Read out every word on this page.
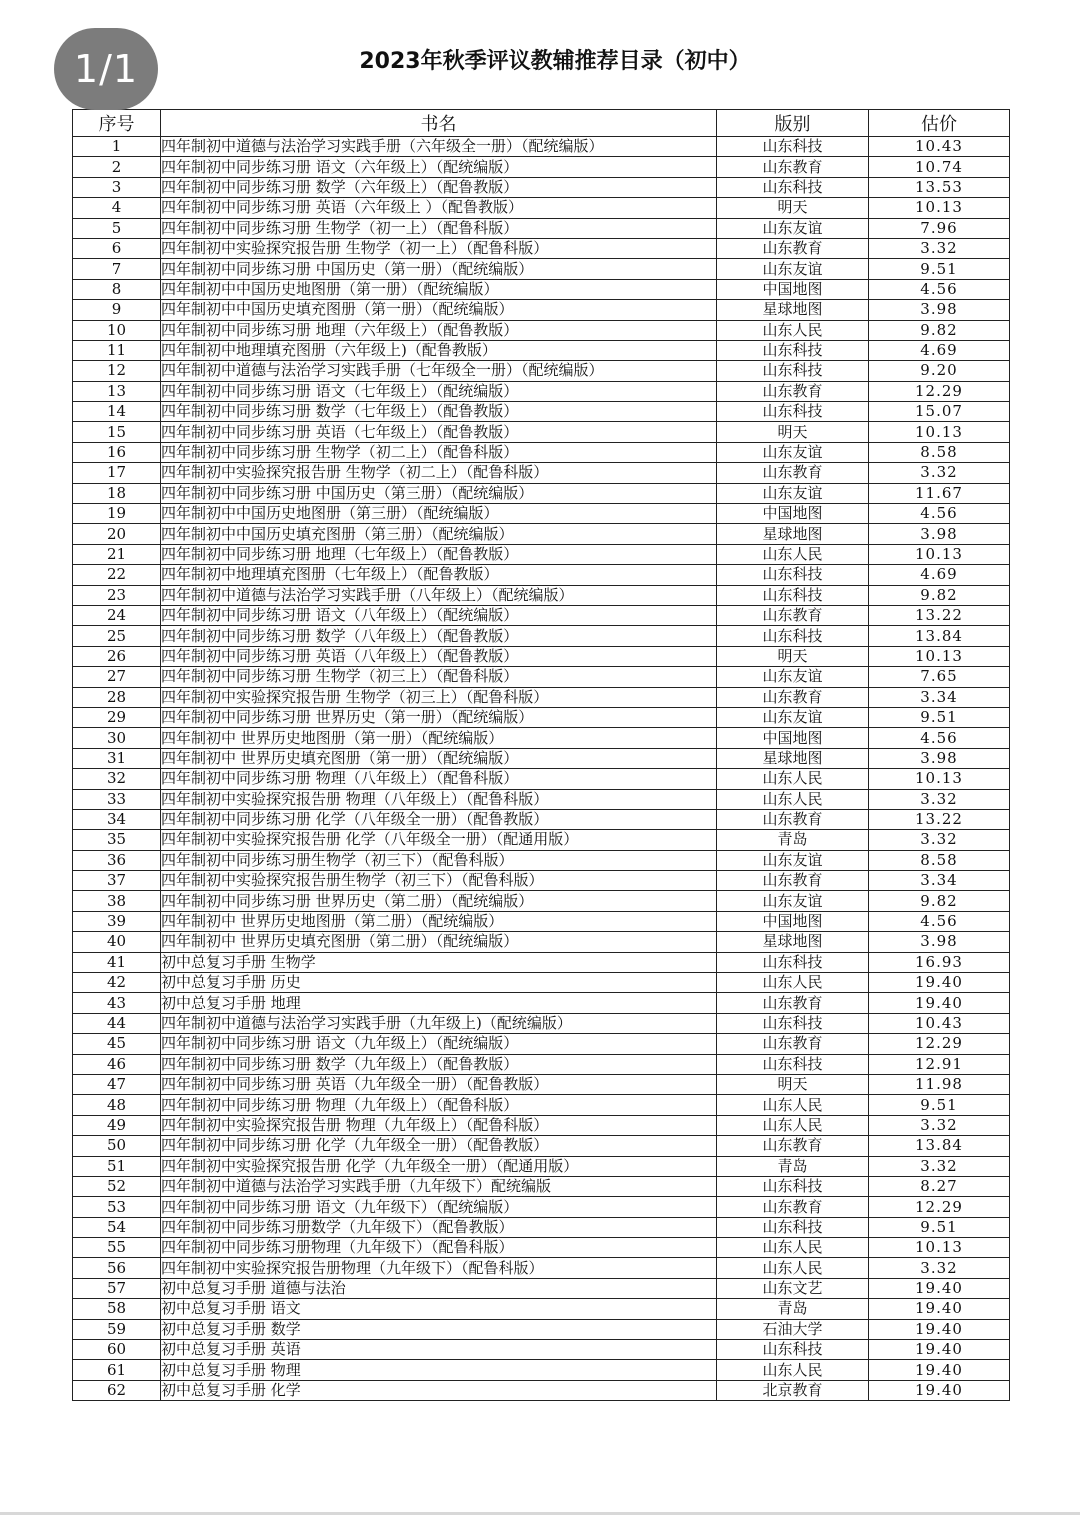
1/1	2023年秋季评议教辅推荐目录（初中）
序号	书名	版别	估价
1	四年制初中道德与法治学习实践手册（六年级全一册）（配统编版）	山东科技	10.43
2	四年制初中同步练习册 语文（六年级上）（配统编版）	山东教育	10.74
3	四年制初中同步练习册 数学（六年级上）（配鲁教版）	山东科技	13.53
4	四年制初中同步练习册 英语（六年级上 ）（配鲁教版）	明天	10.13
5	四年制初中同步练习册 生物学（初一上）（配鲁科版）	山东友谊	7.96
6	四年制初中实验探究报告册 生物学（初一上）（配鲁科版）	山东教育	3.32
7	四年制初中同步练习册 中国历史（第一册）（配统编版）	山东友谊	9.51
8	四年制初中中国历史地图册（第一册）（配统编版）	中国地图	4.56
9	四年制初中中国历史填充图册（第一册）（配统编版）	星球地图	3.98
10	四年制初中同步练习册 地理（六年级上）（配鲁教版）	山东人民	9.82
11	四年制初中地理填充图册（六年级上)（配鲁教版）	山东科技	4.69
12	四年制初中道德与法治学习实践手册（七年级全一册）（配统编版）	山东科技	9.20
13	四年制初中同步练习册 语文（七年级上）（配统编版）	山东教育	12.29
14	四年制初中同步练习册 数学（七年级上）（配鲁教版）	山东科技	15.07
15	四年制初中同步练习册 英语（七年级上）（配鲁教版）	明天	10.13
16	四年制初中同步练习册 生物学（初二上）（配鲁科版）	山东友谊	8.58
17	四年制初中实验探究报告册 生物学（初二上）（配鲁科版）	山东教育	3.32
18	四年制初中同步练习册 中国历史（第三册）（配统编版）	山东友谊	11.67
19	四年制初中中国历史地图册（第三册）（配统编版）	中国地图	4.56
20	四年制初中中国历史填充图册（第三册）（配统编版）	星球地图	3.98
21	四年制初中同步练习册 地理（七年级上）（配鲁教版）	山东人民	10.13
22	四年制初中地理填充图册（七年级上）（配鲁教版）	山东科技	4.69
23	四年制初中道德与法治学习实践手册（八年级上）（配统编版）	山东科技	9.82
24	四年制初中同步练习册 语文（八年级上）（配统编版）	山东教育	13.22
25	四年制初中同步练习册 数学（八年级上）（配鲁教版）	山东科技	13.84
26	四年制初中同步练习册 英语（八年级上）（配鲁教版）	明天	10.13
27	四年制初中同步练习册 生物学（初三上）（配鲁科版）	山东友谊	7.65
28	四年制初中实验探究报告册 生物学（初三上）（配鲁科版）	山东教育	3.34
29	四年制初中同步练习册 世界历史（第一册）（配统编版）	山东友谊	9.51
30	四年制初中 世界历史地图册（第一册）（配统编版）	中国地图	4.56
31	四年制初中 世界历史填充图册（第一册）（配统编版）	星球地图	3.98
32	四年制初中同步练习册 物理（八年级上）（配鲁科版）	山东人民	10.13
33	四年制初中实验探究报告册 物理（八年级上）（配鲁科版）	山东人民	3.32
34	四年制初中同步练习册 化学（八年级全一册）（配鲁教版）	山东教育	13.22
35	四年制初中实验探究报告册 化学（八年级全一册）（配通用版）	青岛	3.32
36	四年制初中同步练习册生物学（初三下）（配鲁科版）	山东友谊	8.58
37	四年制初中实验探究报告册生物学（初三下）（配鲁科版）	山东教育	3.34
38	四年制初中同步练习册 世界历史（第二册）（配统编版）	山东友谊	9.82
39	四年制初中 世界历史地图册（第二册）（配统编版）	中国地图	4.56
40	四年制初中 世界历史填充图册（第二册）（配统编版）	星球地图	3.98
41	初中总复习手册 生物学	山东科技	16.93
42	初中总复习手册 历史	山东人民	19.40
43	初中总复习手册 地理	山东教育	19.40
44	四年制初中道德与法治学习实践手册（九年级上)（配统编版）	山东科技	10.43
45	四年制初中同步练习册 语文（九年级上）（配统编版）	山东教育	12.29
46	四年制初中同步练习册 数学（九年级上）（配鲁教版）	山东科技	12.91
47	四年制初中同步练习册 英语（九年级全一册）（配鲁教版）	明天	11.98
48	四年制初中同步练习册 物理（九年级上）（配鲁科版）	山东人民	9.51
49	四年制初中实验探究报告册 物理（九年级上）（配鲁科版）	山东人民	3.32
50	四年制初中同步练习册 化学（九年级全一册）（配鲁教版）	山东教育	13.84
51	四年制初中实验探究报告册 化学（九年级全一册）（配通用版）	青岛	3.32
52	四年制初中道德与法治学习实践手册（九年级下）配统编版	山东科技	8.27
53	四年制初中同步练习册 语文（九年级下）（配统编版）	山东教育	12.29
54	四年制初中同步练习册数学（九年级下）（配鲁教版）	山东科技	9.51
55	四年制初中同步练习册物理（九年级下）（配鲁科版）	山东人民	10.13
56	四年制初中实验探究报告册物理（九年级下）（配鲁科版）	山东人民	3.32
57	初中总复习手册 道德与法治	山东文艺	19.40
58	初中总复习手册 语文	青岛	19.40
59	初中总复习手册 数学	石油大学	19.40
60	初中总复习手册 英语	山东科技	19.40
61	初中总复习手册 物理	山东人民	19.40
62	初中总复习手册 化学	北京教育	19.40
